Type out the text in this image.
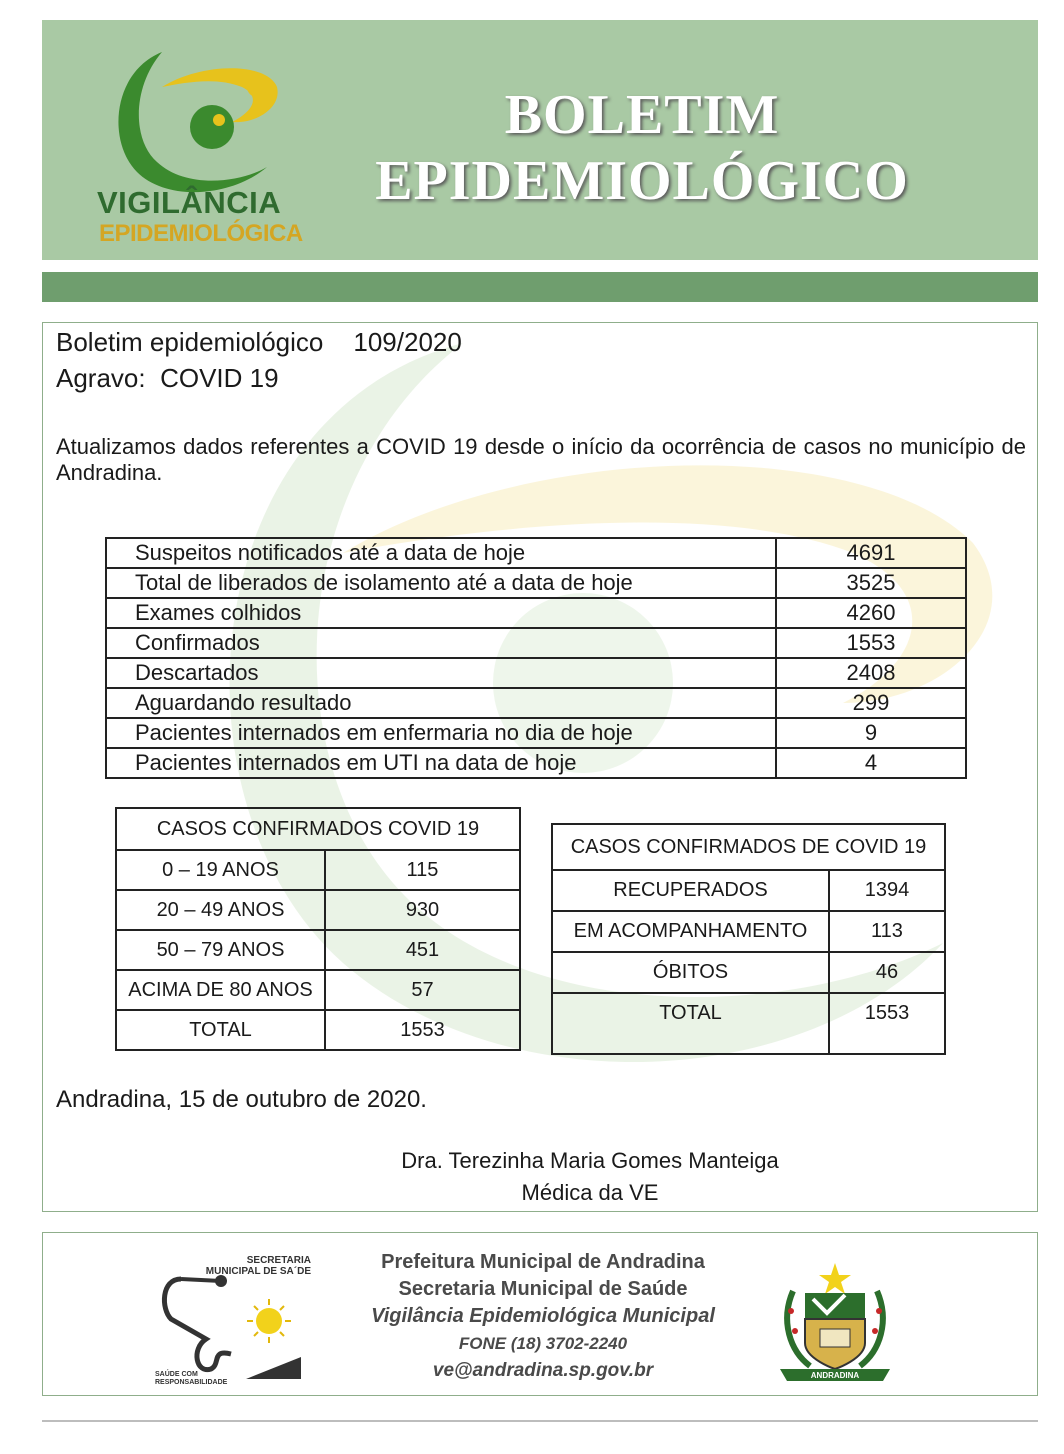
VIGILÂNCIA
EPIDEMIOLÓGICA
BOLETIM
EPIDEMIOLÓGICO
Boletim epidemiológico 109/2020
Agravo: COVID 19
Atualizamos dados referentes a COVID 19 desde o início da ocorrência de casos no município de Andradina.
Suspeitos notificados até a data de hoje	4691
Total de liberados de isolamento até a data de hoje	3525
Exames colhidos	4260
Confirmados	1553
Descartados	2408
Aguardando resultado	299
Pacientes internados em enfermaria no dia de hoje	9
Pacientes internados em UTI na data de hoje	4
CASOS CONFIRMADOS COVID 19	
0 – 19 ANOS	115
20 – 49 ANOS	930
50 – 79 ANOS	451
ACIMA DE 80 ANOS	57
TOTAL	1553
CASOS CONFIRMADOS DE COVID 19	
RECUPERADOS	1394
EM ACOMPANHAMENTO	113
ÓBITOS	46
TOTAL	1553
Andradina, 15 de outubro de 2020.
Dra. Terezinha Maria Gomes Manteiga
Médica da VE
SECRETARIA
MUNICIPAL DE SA´DE
SAÚDE COM
RESPONSABILIDADE
Prefeitura Municipal de Andradina
Secretaria Municipal de Saúde
Vigilância Epidemiológica Municipal
FONE (18) 3702-2240
ve@andradina.sp.gov.br	ANDRADINA
